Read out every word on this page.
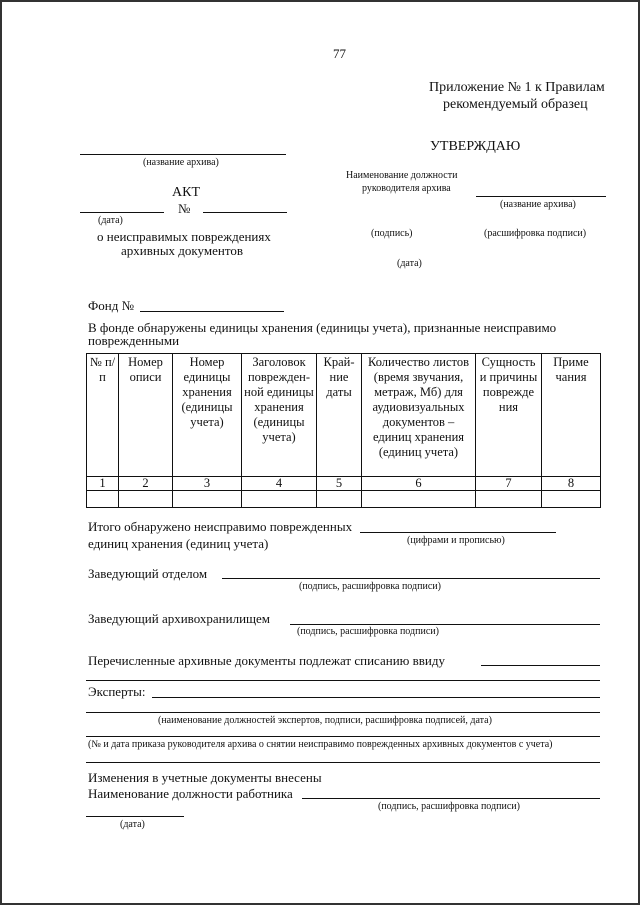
77
Приложение № 1 к Правилам
рекомендуемый образец
УТВЕРЖДАЮ
(название архива)
Наименование должности
руководителя архива
(название архива)
АКТ
№
(дата)
о неисправимых повреждениях
архивных документов
(подпись)	(расшифровка подписи)
(дата)
Фонд №
В фонде обнаружены единицы хранения (единицы учета), признанные неисправимо
поврежденными
№ п/п	Номер описи	Номер единицы хранения (единицы учета)	Заголовок поврежден-ной единицы хранения (единицы учета)	Край-ние даты	Количество листов (время звучания, метраж, Мб) для аудиовизуальных документов – единиц хранения (единиц учета)	Сущность и причины поврежде ния	Приме чания
1	2	3	4	5	6	7	8

Итого обнаружено неисправимо поврежденных
единиц хранения (единиц учета)	(цифрами и прописью)
Заведующий отделом
(подпись, расшифровка подписи)
Заведующий архивохранилищем
(подпись, расшифровка подписи)
Перечисленные архивные документы подлежат списанию ввиду
Эксперты:
(наименование должностей экспертов, подписи, расшифровка подписей, дата)
(№ и дата приказа руководителя архива о снятии неисправимо поврежденных архивных документов с учета)
Изменения в учетные документы внесены
Наименование должности работника
(подпись, расшифровка подписи)
(дата)
